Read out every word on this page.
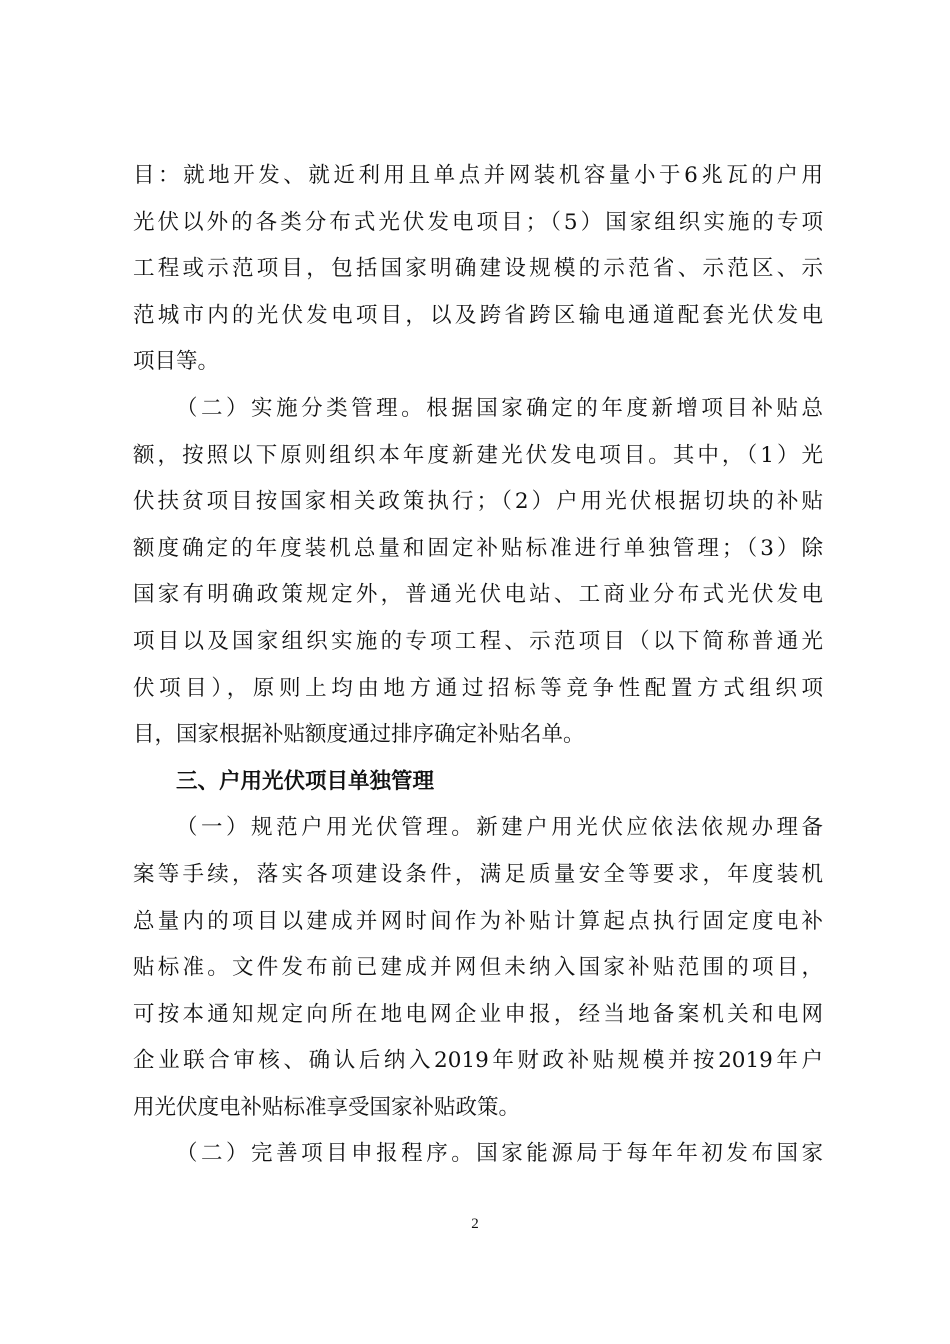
目：就地开发、就近利用且单点并网装机容量小于6兆瓦的户用
光伏以外的各类分布式光伏发电项目；（5）国家组织实施的专项
工程或示范项目，包括国家明确建设规模的示范省、示范区、示
范城市内的光伏发电项目，以及跨省跨区输电通道配套光伏发电
项目等。
（二）实施分类管理。根据国家确定的年度新增项目补贴总
额，按照以下原则组织本年度新建光伏发电项目。其中，（1）光
伏扶贫项目按国家相关政策执行；（2）户用光伏根据切块的补贴
额度确定的年度装机总量和固定补贴标准进行单独管理；（3）除
国家有明确政策规定外，普通光伏电站、工商业分布式光伏发电
项目以及国家组织实施的专项工程、示范项目（以下简称普通光
伏项目），原则上均由地方通过招标等竞争性配置方式组织项
目，国家根据补贴额度通过排序确定补贴名单。
三、户用光伏项目单独管理
（一）规范户用光伏管理。新建户用光伏应依法依规办理备
案等手续，落实各项建设条件，满足质量安全等要求，年度装机
总量内的项目以建成并网时间作为补贴计算起点执行固定度电补
贴标准。文件发布前已建成并网但未纳入国家补贴范围的项目，
可按本通知规定向所在地电网企业申报，经当地备案机关和电网
企业联合审核、确认后纳入2019年财政补贴规模并按2019年户
用光伏度电补贴标准享受国家补贴政策。
（二）完善项目申报程序。国家能源局于每年年初发布国家
2
